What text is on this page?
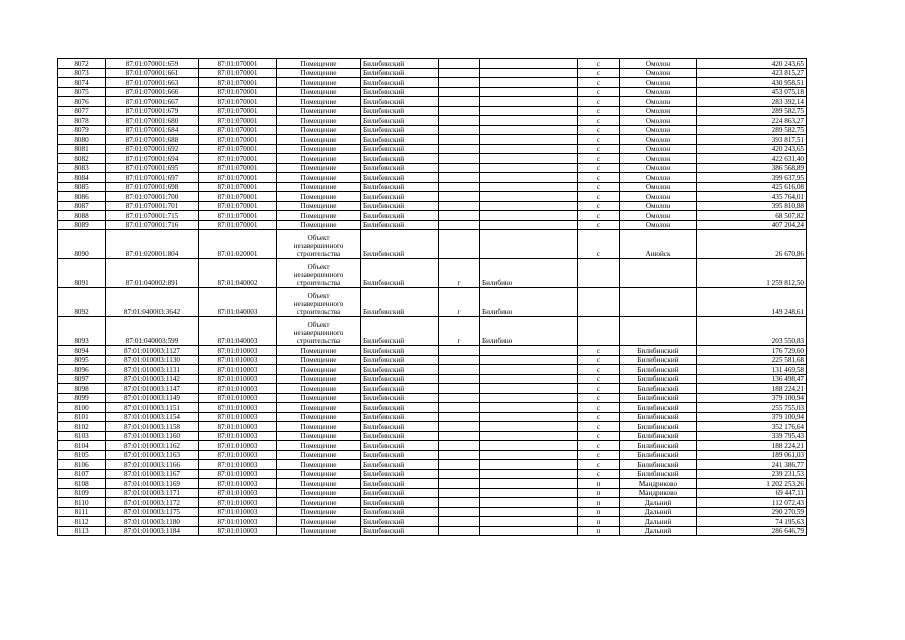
8072	87:01:070001:659	87:01:070001	Помещение	Билибинский			с	Омолон	420 243,65
8073	87:01:070001:661	87:01:070001	Помещение	Билибинский			с	Омолон	423 815,27
8074	87:01:070001:663	87:01:070001	Помещение	Билибинский			с	Омолон	430 958,51
8075	87:01:070001:666	87:01:070001	Помещение	Билибинский			с	Омолон	453 075,18
8076	87:01:070001:667	87:01:070001	Помещение	Билибинский			с	Омолон	283 392,14
8077	87:01:070001:679	87:01:070001	Помещение	Билибинский			с	Омолон	289 582,75
8078	87:01:070001:680	87:01:070001	Помещение	Билибинский			с	Омолон	224 863,27
8079	87:01:070001:684	87:01:070001	Помещение	Билибинский			с	Омолон	289 582,75
8080	87:01:070001:688	87:01:070001	Помещение	Билибинский			с	Омолон	393 817,51
8081	87:01:070001:692	87:01:070001	Помещение	Билибинский			с	Омолон	420 243,65
8082	87:01:070001:694	87:01:070001	Помещение	Билибинский			с	Омолон	422 631,40
8083	87:01:070001:695	87:01:070001	Помещение	Билибинский			с	Омолон	386 568,89
8084	87:01:070001:697	87:01:070001	Помещение	Билибинский			с	Омолон	399 637,95
8085	87:01:070001:698	87:01:070001	Помещение	Билибинский			с	Омолон	425 616,08
8086	87:01:070001:700	87:01:070001	Помещение	Билибинский			с	Омолон	435 764,01
8087	87:01:070001:701	87:01:070001	Помещение	Билибинский			с	Омолон	395 810,88
8088	87:01:070001:715	87:01:070001	Помещение	Билибинский			с	Омолон	68 507,82
8089	87:01:070001:716	87:01:070001	Помещение	Билибинский			с	Омолон	407 204,24
8090	87:01:020001:804	87:01:020001	Объект
незавершенного
строительства	Билибинский			с	Анюйск	26 670,86
8091	87:01:040002:891	87:01:040002	Объект
незавершенного
строительства	Билибинский	г	Билибино			1 259 812,50
8092	87:01:040003:3642	87:01:040003	Объект
незавершенного
строительства	Билибинский	г	Билибино			149 248,61
8093	87:01:040003:599	87:01:040003	Объект
незавершенного
строительства	Билибинский	г	Билибино			203 550,83
8094	87:01:010003:1127	87:01:010003	Помещение	Билибинский			с	Билибинский	176 729,60
8095	87:01:010003:1130	87:01:010003	Помещение	Билибинский			с	Билибинский	225 581,68
8096	87:01:010003:1131	87:01:010003	Помещение	Билибинский			с	Билибинский	131 469,58
8097	87:01:010003:1142	87:01:010003	Помещение	Билибинский			с	Билибинский	136 498,47
8098	87:01:010003:1147	87:01:010003	Помещение	Билибинский			с	Билибинский	188 224,21
8099	87:01:010003:1149	87:01:010003	Помещение	Билибинский			с	Билибинский	379 100,94
8100	87:01:010003:1151	87:01:010003	Помещение	Билибинский			с	Билибинский	255 755,03
8101	87:01:010003:1154	87:01:010003	Помещение	Билибинский			с	Билибинский	379 100,94
8102	87:01:010003:1158	87:01:010003	Помещение	Билибинский			с	Билибинский	352 176,64
8103	87:01:010003:1160	87:01:010003	Помещение	Билибинский			с	Билибинский	339 795,43
8104	87:01:010003:1162	87:01:010003	Помещение	Билибинский			с	Билибинский	188 224,21
8105	87:01:010003:1163	87:01:010003	Помещение	Билибинский			с	Билибинский	189 061,03
8106	87:01:010003:1166	87:01:010003	Помещение	Билибинский			с	Билибинский	241 386,77
8107	87:01:010003:1167	87:01:010003	Помещение	Билибинский			с	Билибинский	239 231,53
8108	87:01:010003:1169	87:01:010003	Помещение	Билибинский			п	Мандриково	1 202 253,26
8109	87:01:010003:1171	87:01:010003	Помещение	Билибинский			п	Мандриково	69 447,11
8110	87:01:010003:1172	87:01:010003	Помещение	Билибинский			п	Дальний	112 072,43
8111	87:01:010003:1175	87:01:010003	Помещение	Билибинский			п	Дальний	290 270,59
8112	87:01:010003:1180	87:01:010003	Помещение	Билибинский			п	Дальний	74 195,63
8113	87:01:010003:1184	87:01:010003	Помещение	Билибинский			п	Дальний	286 646,79
